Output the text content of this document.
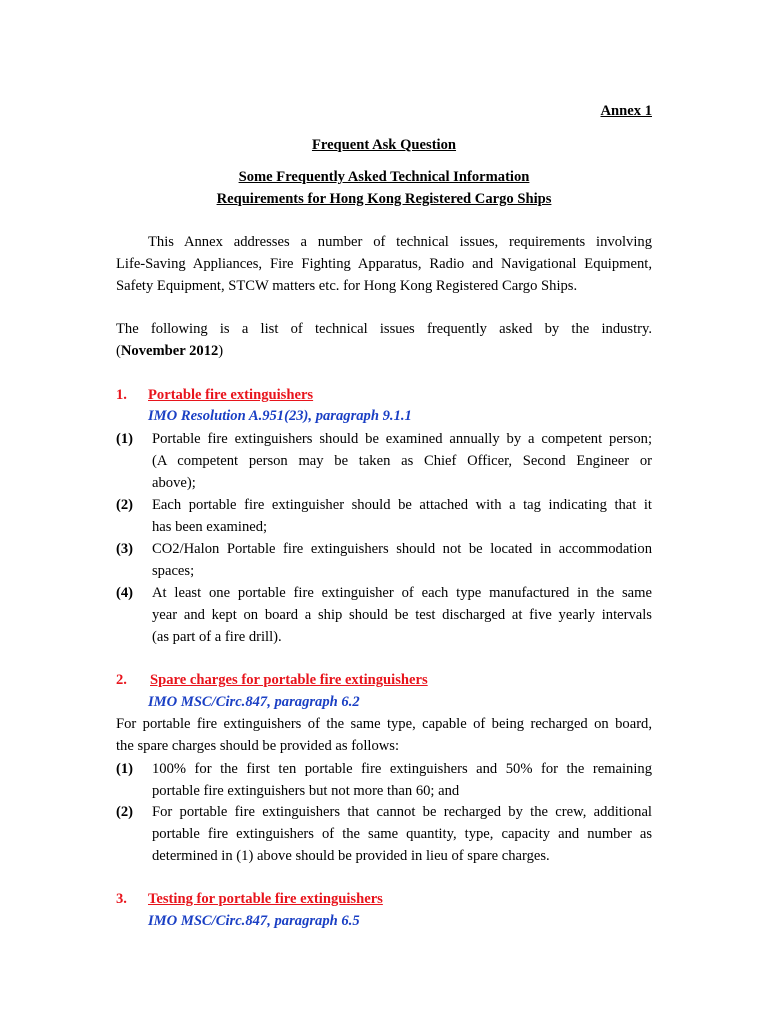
Annex 1
Frequent Ask Question
Some Frequently Asked Technical Information
Requirements for Hong Kong Registered Cargo Ships
This Annex addresses a number of technical issues, requirements involving
Life-Saving Appliances, Fire Fighting Apparatus, Radio and Navigational Equipment,
Safety Equipment, STCW matters etc. for Hong Kong Registered Cargo Ships.
The following is a list of technical issues frequently asked by the industry.
(November 2012)
1. Portable fire extinguishers
IMO Resolution A.951(23), paragraph 9.1.1
(1) Portable fire extinguishers should be examined annually by a competent person;
(A competent person may be taken as Chief Officer, Second Engineer or
above);
(2) Each portable fire extinguisher should be attached with a tag indicating that it
has been examined;
(3) CO2/Halon Portable fire extinguishers should not be located in accommodation
spaces;
(4) At least one portable fire extinguisher of each type manufactured in the same
year and kept on board a ship should be test discharged at five yearly intervals
(as part of a fire drill).
2. Spare charges for portable fire extinguishers
IMO MSC/Circ.847, paragraph 6.2
For portable fire extinguishers of the same type, capable of being recharged on board,
the spare charges should be provided as follows:
(1) 100% for the first ten portable fire extinguishers and 50% for the remaining
portable fire extinguishers but not more than 60; and
(2) For portable fire extinguishers that cannot be recharged by the crew, additional
portable fire extinguishers of the same quantity, type, capacity and number as
determined in (1) above should be provided in lieu of spare charges.
3. Testing for portable fire extinguishers
IMO MSC/Circ.847, paragraph 6.5
